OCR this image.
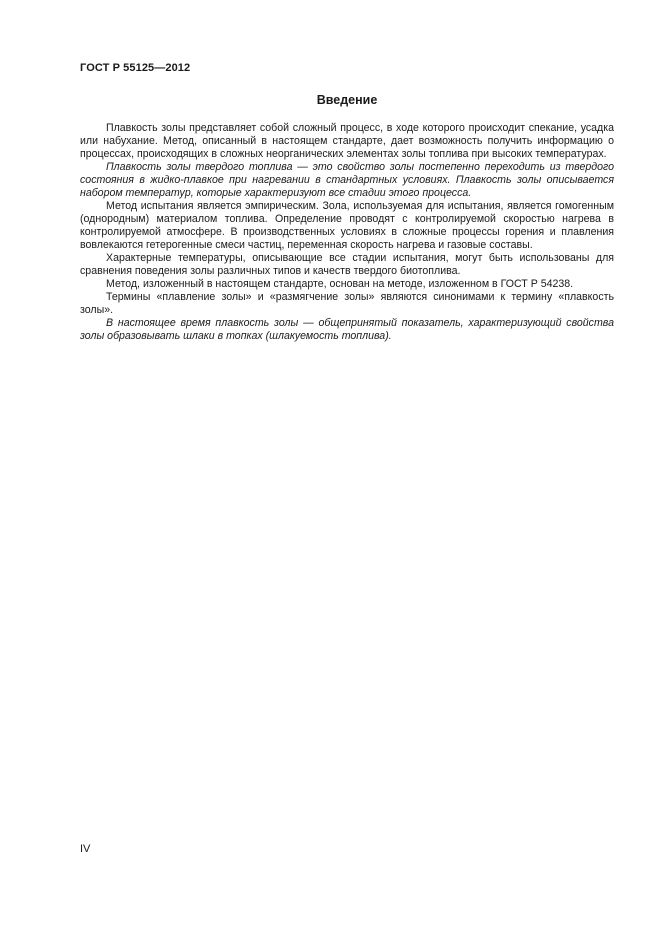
ГОСТ Р 55125—2012
Введение

Плавкость золы представляет собой сложный процесс, в ходе которого происходит спекание, усадка или набухание. Метод, описанный в настоящем стандарте, дает возможность получить информацию о процессах, происходящих в сложных неорганических элементах золы топлива при высоких температурах.

Плавкость золы твердого топлива — это свойство золы постепенно переходить из твердого состояния в жидко-плавкое при нагревании в стандартных условиях. Плавкость золы описывается набором температур, которые характеризуют все стадии этого процесса.

Метод испытания является эмпирическим. Зола, используемая для испытания, является гомогенным (однородным) материалом топлива. Определение проводят с контролируемой скоростью нагрева в контролируемой атмосфере. В производственных условиях в сложные процессы горения и плавления вовлекаются гетерогенные смеси частиц, переменная скорость нагрева и газовые составы.

Характерные температуры, описывающие все стадии испытания, могут быть использованы для сравнения поведения золы различных типов и качеств твердого биотоплива.

Метод, изложенный в настоящем стандарте, основан на методе, изложенном в ГОСТ Р 54238.

Термины «плавление золы» и «размягчение золы» являются синонимами к термину «плавкость золы».

В настоящее время плавкость золы — общепринятый показатель, характеризующий свойства золы образовывать шлаки в топках (шлакуемость топлива).

IV
